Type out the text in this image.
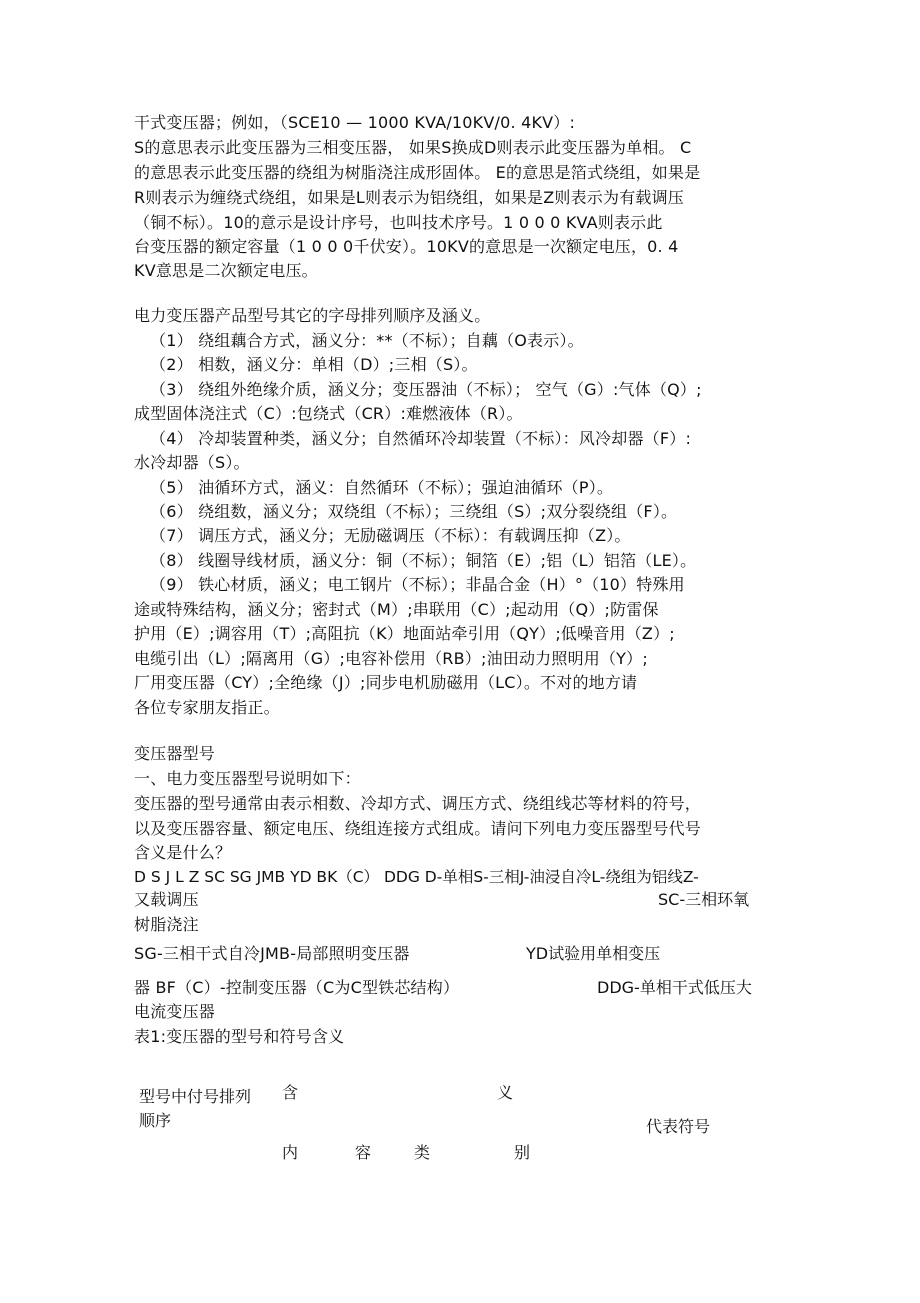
干式变压器；例如，（SCE10 — 1000 KVA/10KV/0. 4KV）:
S的意思表示此变压器为三相变压器， 如果S换成D则表示此变压器为单相。 C
的意思表示此变压器的绕组为树脂浇注成形固体。 E的意思是箔式绕组，如果是
R则表示为缠绕式绕组，如果是L则表示为铝绕组，如果是Z则表示为有载调压
（铜不标）。10的意示是设计序号，也叫技术序号。1 0 0 0 KVA则表示此
台变压器的额定容量（1 0 0 0千伏安）。10KV的意思是一次额定电压，0. 4
KV意思是二次额定电压。
电力变压器产品型号其它的字母排列顺序及涵义。
（1） 绕组藕合方式，涵义分：**（不标）；自藕（O表示）。
（2） 相数，涵义分：单相（D）;三相（S）。
（3） 绕组外绝缘介质，涵义分；变压器油（不标）； 空气（G）:气体（Q）;
成型固体浇注式（C）:包绕式（CR）:难燃液体（R）。
（4） 冷却装置种类，涵义分；自然循环冷却装置（不标）：风冷却器（F）:
水冷却器（S）。
（5） 油循环方式，涵义：自然循环（不标）；强迫油循环（P）。
（6） 绕组数，涵义分；双绕组（不标）；三绕组（S）;双分裂绕组（F）。
（7） 调压方式，涵义分；无励磁调压（不标）：有载调压抑（Z）。
（8） 线圈导线材质，涵义分：铜（不标）；铜箔（E）;铝（L）铝箔（LE）。
（9） 铁心材质，涵义；电工钢片（不标）；非晶合金（H）°（10）特殊用
途或特殊结构，涵义分；密封式（M）;串联用（C）;起动用（Q）;防雷保
护用（E）;调容用（T）;高阻抗（K）地面站牵引用（QY）;低噪音用（Z）;
电缆引出（L）;隔离用（G）;电容补偿用（RB）;油田动力照明用（Y）;
厂用变压器（CY）;全绝缘（J）;同步电机励磁用（LC）。不对的地方请
各位专家朋友指正。
变压器型号
一、电力变压器型号说明如下：
变压器的型号通常由表示相数、冷却方式、调压方式、绕组线芯等材料的符号，
以及变压器容量、额定电压、绕组连接方式组成。请问下列电力变压器型号代号
含义是什么？
D S J L Z SC SG JMB YD BK（C） DDG D-单相S-三相J-油浸自冷L-绕组为铝线Z-
又载调压	SC-三相环氧
树脂浇注
SG-三相干式自冷JMB-局部照明变压器	YD试验用单相变压
器 BF（C）-控制变压器（C为C型铁芯结构）	DDG-单相干式低压大
电流变压器
表1:变压器的型号和符号含义
型号中付号排列
顺序
含	义
代表符号
内	容	类	别
